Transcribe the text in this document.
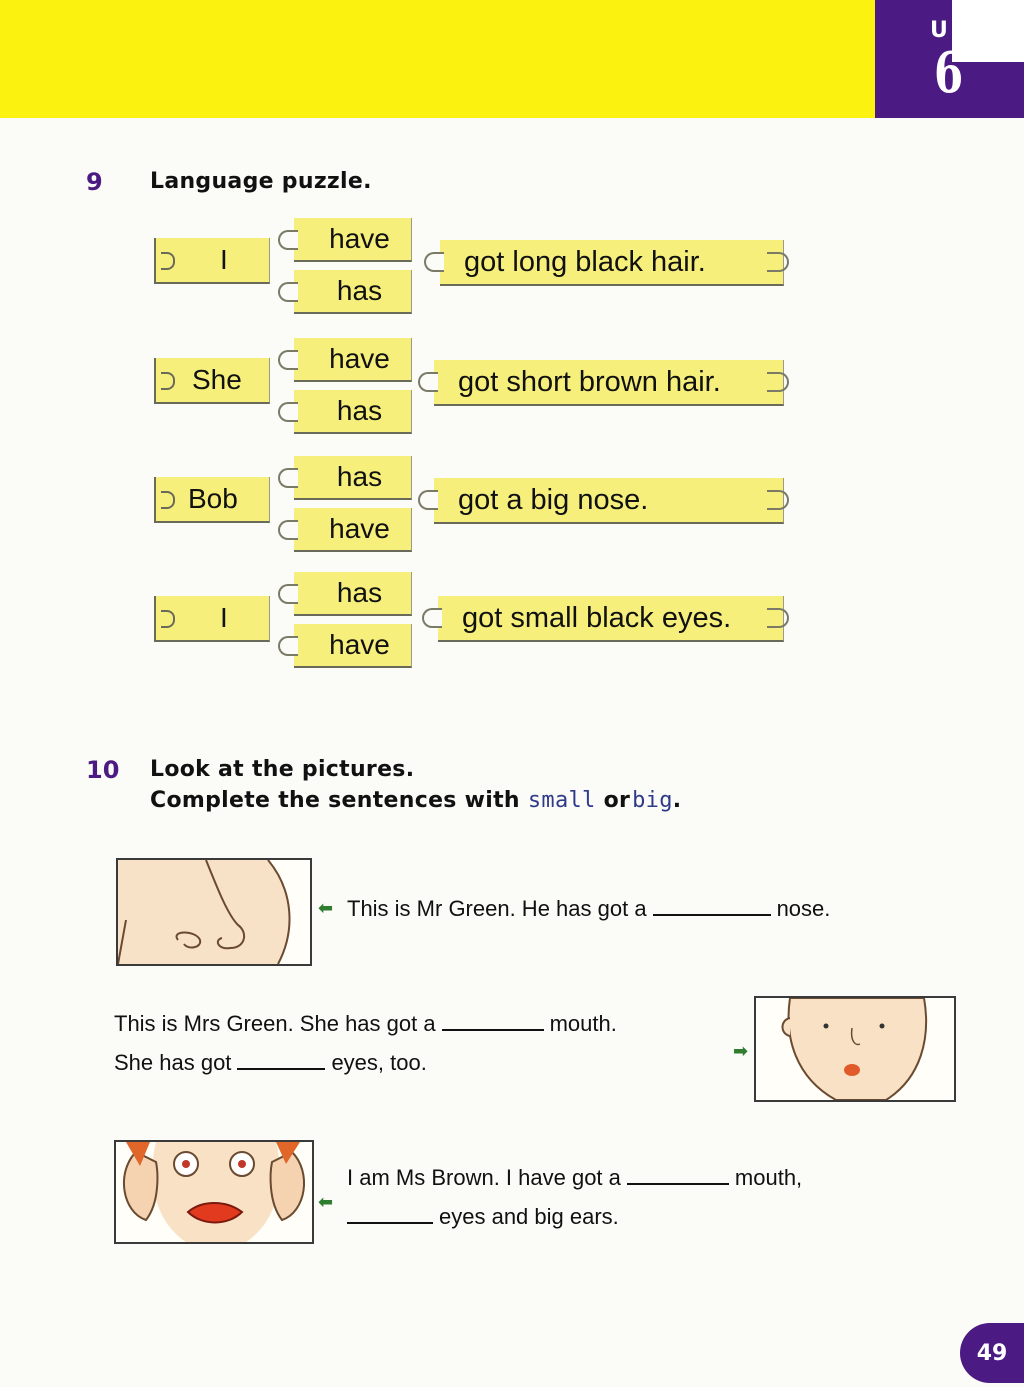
U
6
9 Language puzzle.
I
have
has
got long black hair.
She
have
has
got short brown hair.
Bob
has
have
got a big nose.
I
has
have
got small black eyes.
10 Look at the pictures.
Complete the sentences with small or big.
⬅ This is Mr Green. He has got a	nose.
This is Mrs Green. She has got a	mouth.
She has got	eyes, too.	➡
⬅
I am Ms Brown. I have got a	mouth,
eyes and big ears.
49
